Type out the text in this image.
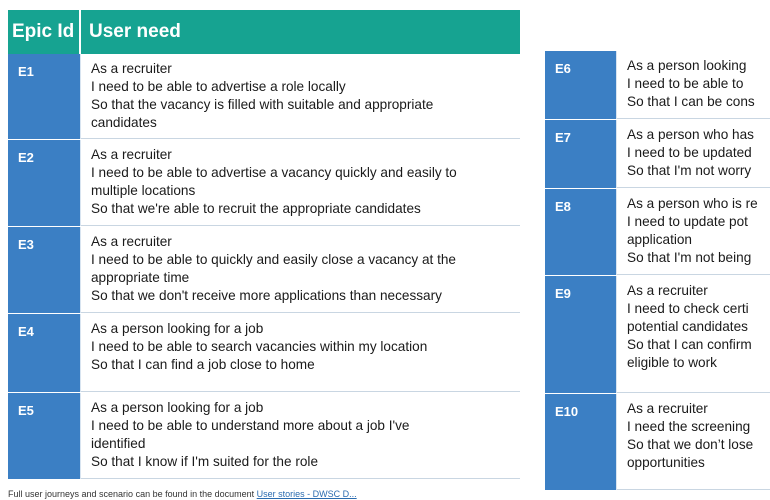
Epic Id User need
E1	As a recruiter
I need to be able to advertise a role locally
So that the vacancy is filled with suitable and appropriate
candidates
E2	As a recruiter
I need to be able to advertise a vacancy quickly and easily to
multiple locations
So that we're able to recruit the appropriate candidates
E3	As a recruiter
I need to be able to quickly and easily close a vacancy at the
appropriate time
So that we don't receive more applications than necessary
E4	As a person looking for a job
I need to be able to search vacancies within my location
So that I can find a job close to home
E5	As a person looking for a job
I need to be able to understand more about a job I've
identified
So that I know if I'm suited for the role
E6	As a person looking
I need to be able to
So that I can be cons
E7	As a person who has
I need to be updated
So that I'm not worry
E8	As a person who is re
I need to update pot
application
So that I'm not being
E9	As a recruiter
I need to check certi
potential candidates
So that I can confirm
eligible to work
E10	As a recruiter
I need the screening
So that we don’t lose
opportunities
Full user journeys and scenario can be found in the document User stories - DWSC D...
